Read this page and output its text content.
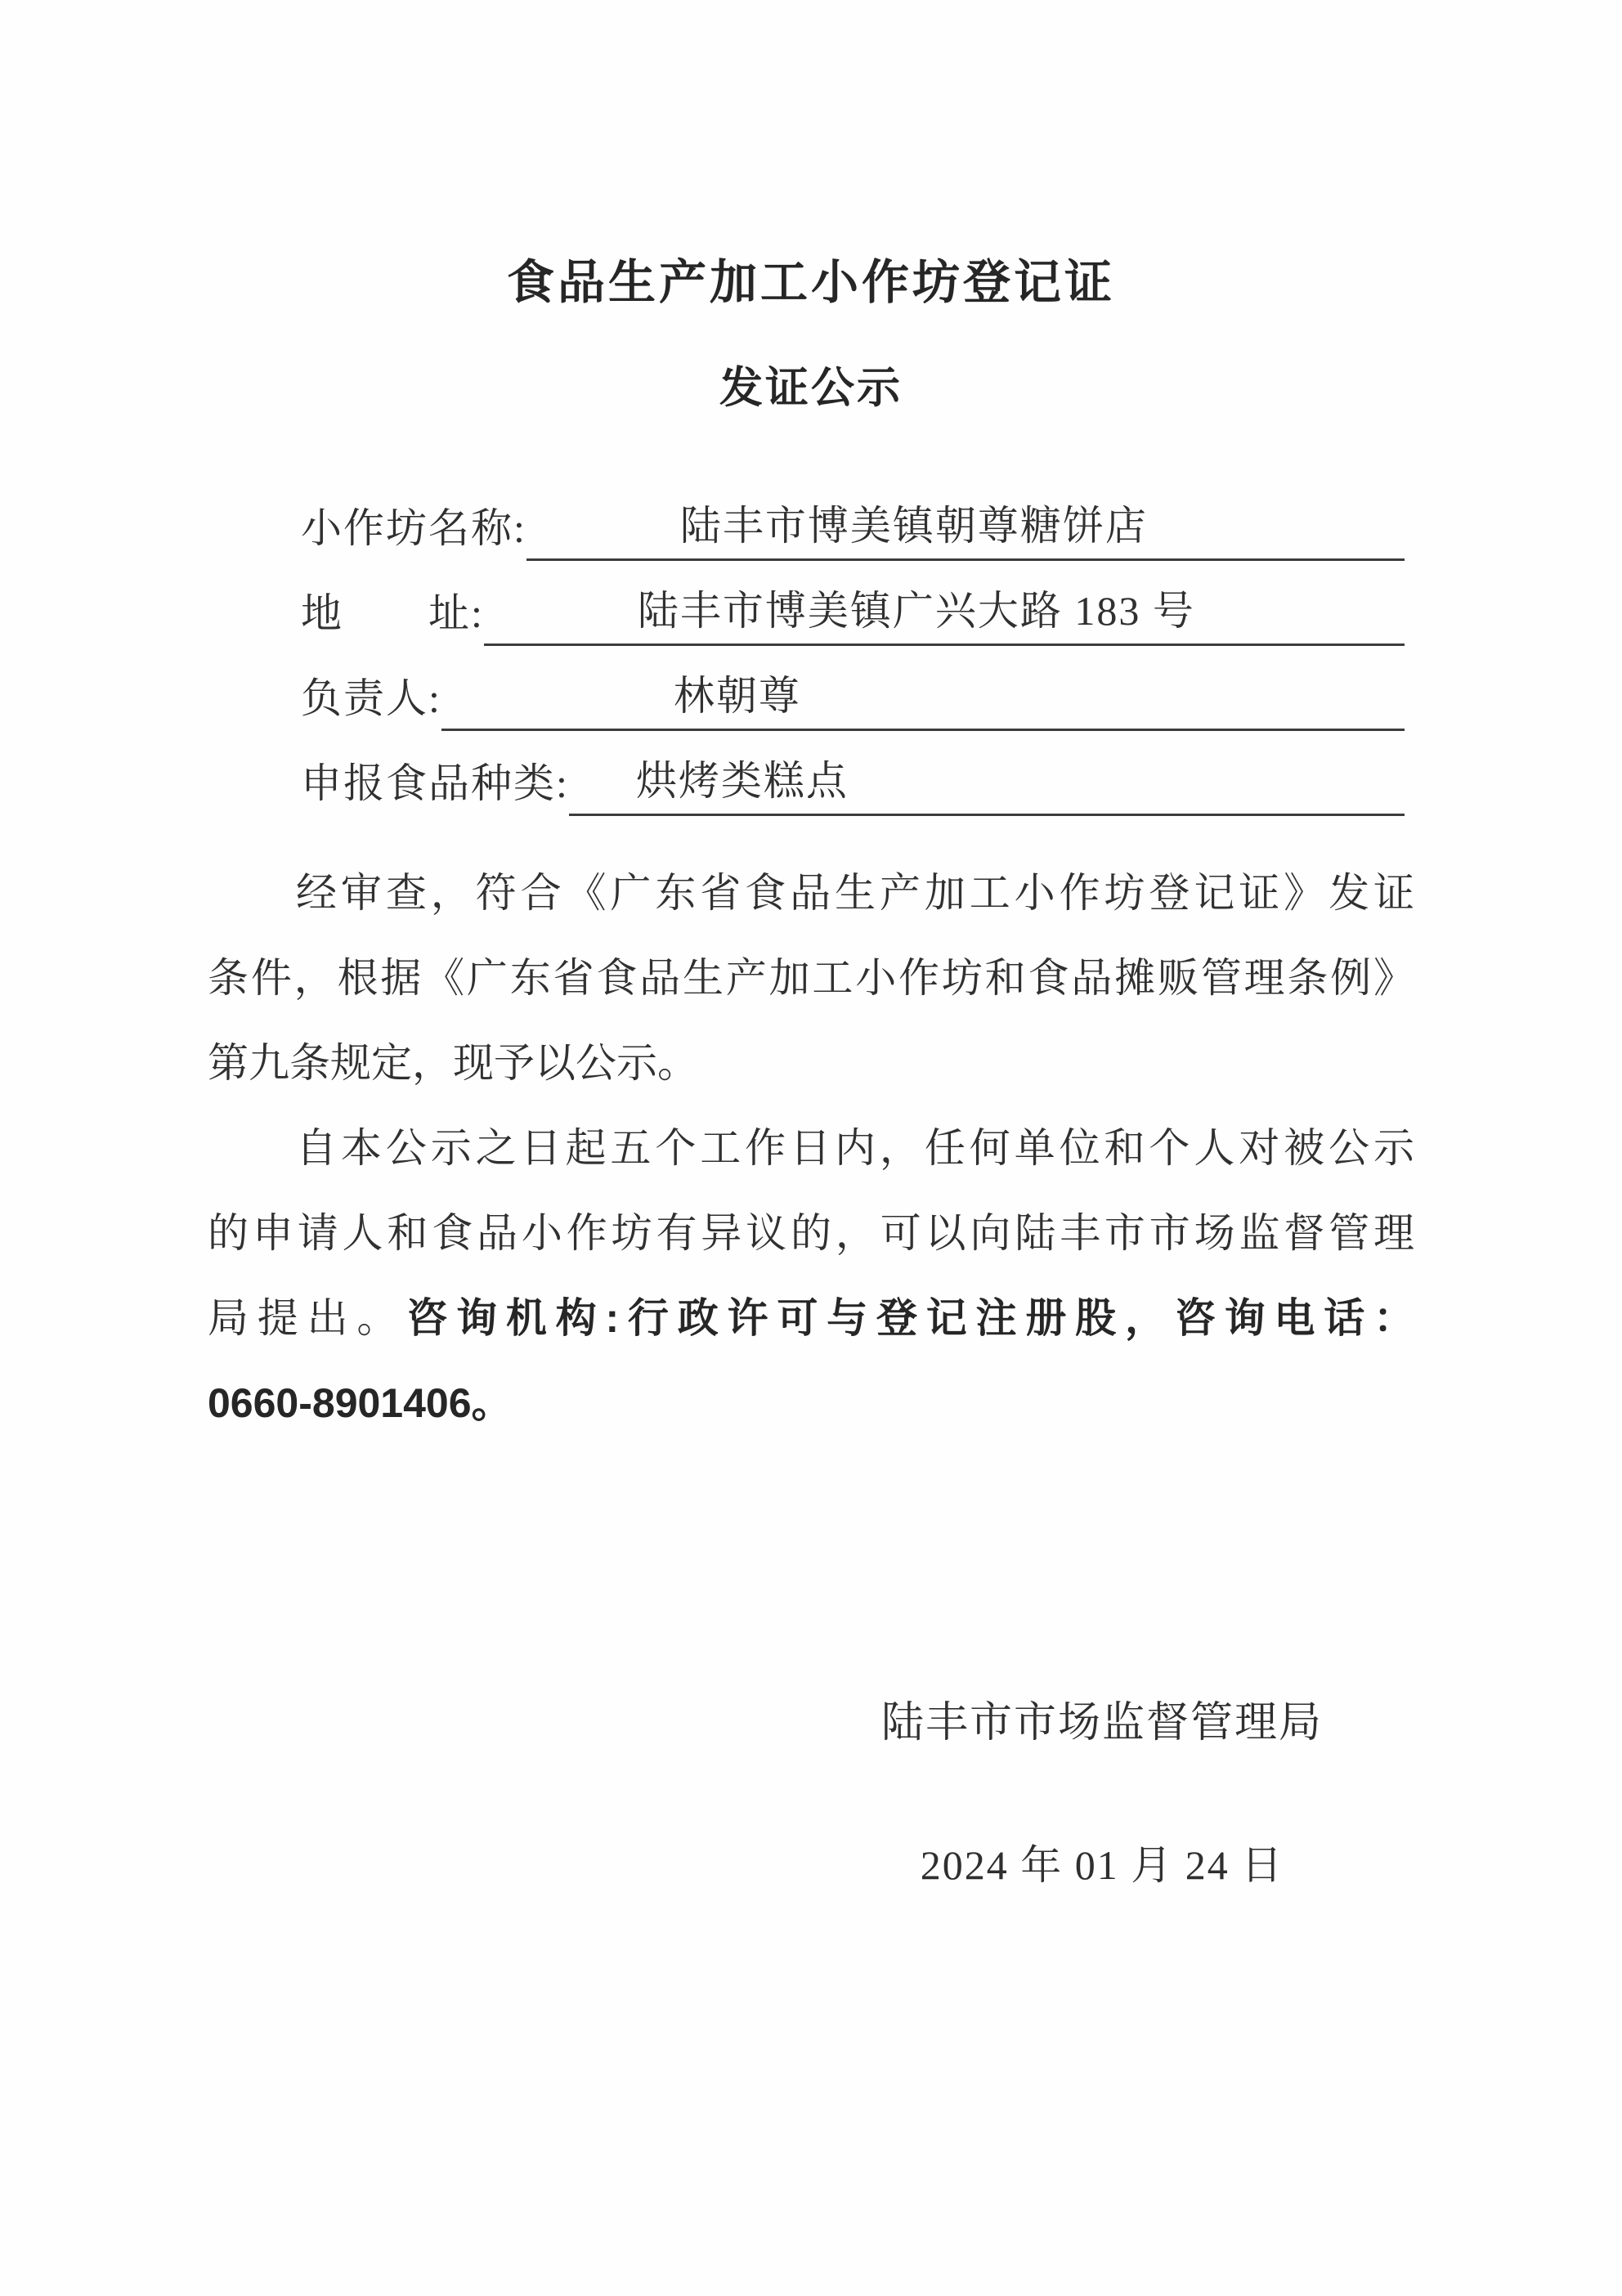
食品生产加工小作坊登记证
发证公示
小作坊名称:	陆丰市博美镇朝尊糖饼店
地　　址:	陆丰市博美镇广兴大路 183 号
负责人:	林朝尊
申报食品种类:	烘烤类糕点
经审查，符合《广东省食品生产加工小作坊登记证》发证
条件，根据《广东省食品生产加工小作坊和食品摊贩管理条例》
第九条规定，现予以公示。
自本公示之日起五个工作日内，任何单位和个人对被公示
的申请人和食品小作坊有异议的，可以向陆丰市市场监督管理
局提出。咨询机构:行政许可与登记注册股，咨询电话：
0660-8901406。
陆丰市市场监督管理局
2024 年 01 月 24 日
